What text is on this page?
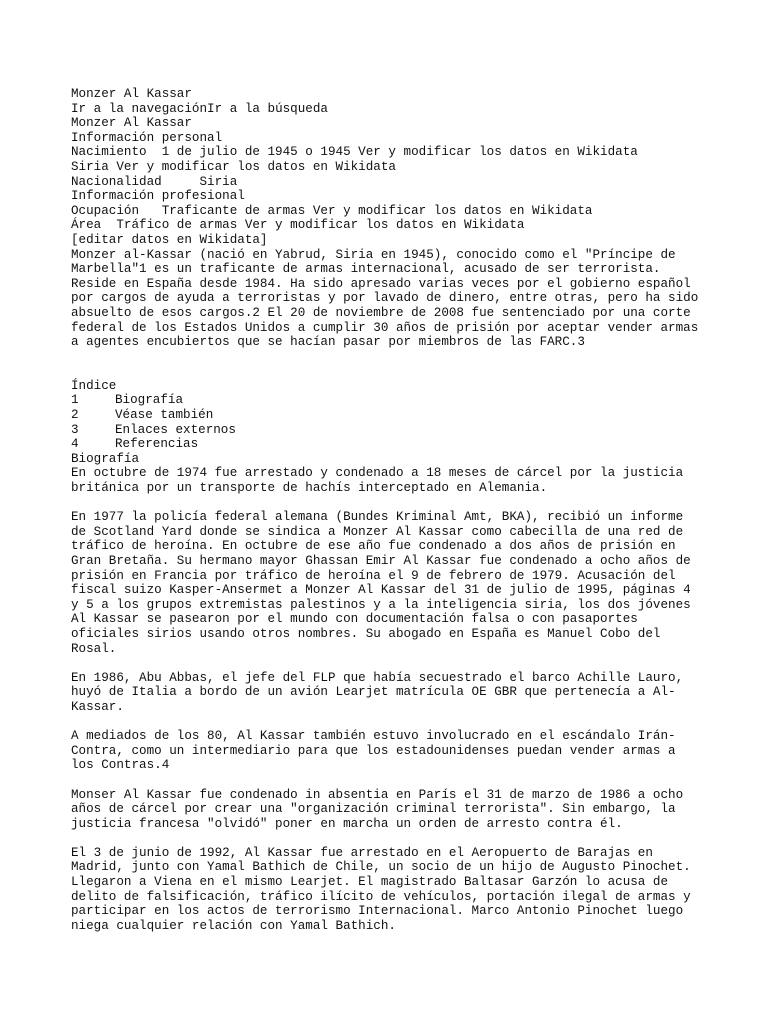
Monzer Al Kassar
Ir a la navegaciónIr a la búsqueda
Monzer Al Kassar
Información personal
Nacimiento  1 de julio de 1945 o 1945 Ver y modificar los datos en Wikidata
Siria Ver y modificar los datos en Wikidata
Nacionalidad     Siria
Información profesional
Ocupación   Traficante de armas Ver y modificar los datos en Wikidata
Área  Tráfico de armas Ver y modificar los datos en Wikidata
[editar datos en Wikidata]
Monzer al-Kassar (nació en Yabrud, Siria en 1945), conocido como el "Príncipe de
Marbella"1 es un traficante de armas internacional, acusado de ser terrorista.
Reside en España desde 1984. Ha sido apresado varias veces por el gobierno español
por cargos de ayuda a terroristas y por lavado de dinero, entre otras, pero ha sido
absuelto de esos cargos.2 El 20 de noviembre de 2008 fue sentenciado por una corte
federal de los Estados Unidos a cumplir 30 años de prisión por aceptar vender armas
a agentes encubiertos que se hacían pasar por miembros de las FARC.3
Índice
1	Biografía
2	Véase también
3	Enlaces externos
4	Referencias
Biografía
En octubre de 1974 fue arrestado y condenado a 18 meses de cárcel por la justicia
británica por un transporte de hachís interceptado en Alemania.
En 1977 la policía federal alemana (Bundes Kriminal Amt, BKA), recibió un informe
de Scotland Yard donde se sindica a Monzer Al Kassar como cabecilla de una red de
tráfico de heroína. En octubre de ese año fue condenado a dos años de prisión en
Gran Bretaña. Su hermano mayor Ghassan Emir Al Kassar fue condenado a ocho años de
prisión en Francia por tráfico de heroína el 9 de febrero de 1979. Acusación del
fiscal suizo Kasper-Ansermet a Monzer Al Kassar del 31 de julio de 1995, páginas 4
y 5 a los grupos extremistas palestinos y a la inteligencia siria, los dos jóvenes
Al Kassar se pasearon por el mundo con documentación falsa o con pasaportes
oficiales sirios usando otros nombres. Su abogado en España es Manuel Cobo del
Rosal.
En 1986, Abu Abbas, el jefe del FLP que había secuestrado el barco Achille Lauro,
huyó de Italia a bordo de un avión Learjet matrícula OE GBR que pertenecía a Al-
Kassar.
A mediados de los 80, Al Kassar también estuvo involucrado en el escándalo Irán-
Contra, como un intermediario para que los estadounidenses puedan vender armas a
los Contras.4
Monser Al Kassar fue condenado in absentia en París el 31 de marzo de 1986 a ocho
años de cárcel por crear una "organización criminal terrorista". Sin embargo, la
justicia francesa "olvidó" poner en marcha un orden de arresto contra él.
El 3 de junio de 1992, Al Kassar fue arrestado en el Aeropuerto de Barajas en
Madrid, junto con Yamal Bathich de Chile, un socio de un hijo de Augusto Pinochet.
Llegaron a Viena en el mismo Learjet. El magistrado Baltasar Garzón lo acusa de
delito de falsificación, tráfico ilícito de vehículos, portación ilegal de armas y
participar en los actos de terrorismo Internacional. Marco Antonio Pinochet luego
niega cualquier relación con Yamal Bathich.
